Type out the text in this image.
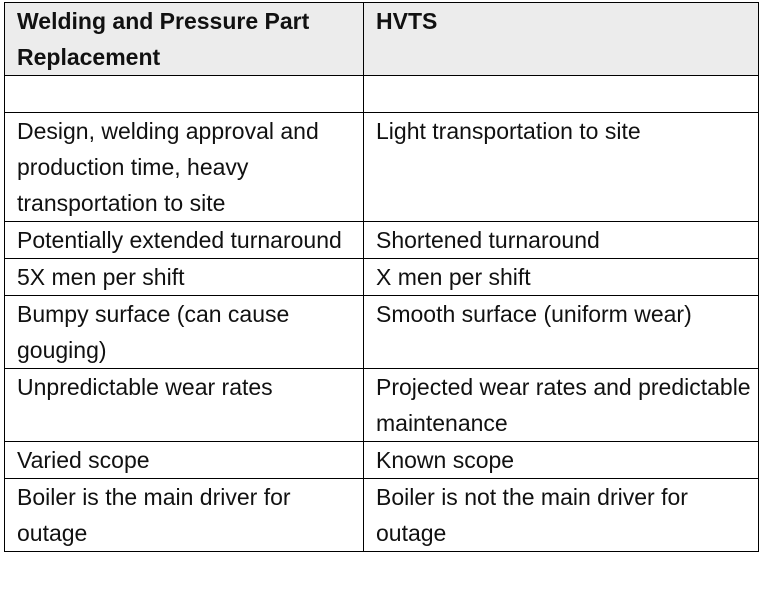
Welding and Pressure Part Replacement	HVTS

Design, welding approval and production time, heavy transportation to site	Light transportation to site
Potentially extended turnaround	Shortened turnaround
5X men per shift	X men per shift
Bumpy surface (can cause gouging)	Smooth surface (uniform wear)
Unpredictable wear rates	Projected wear rates and predictable maintenance
Varied scope	Known scope
Boiler is the main driver for outage	Boiler is not the main driver for outage
